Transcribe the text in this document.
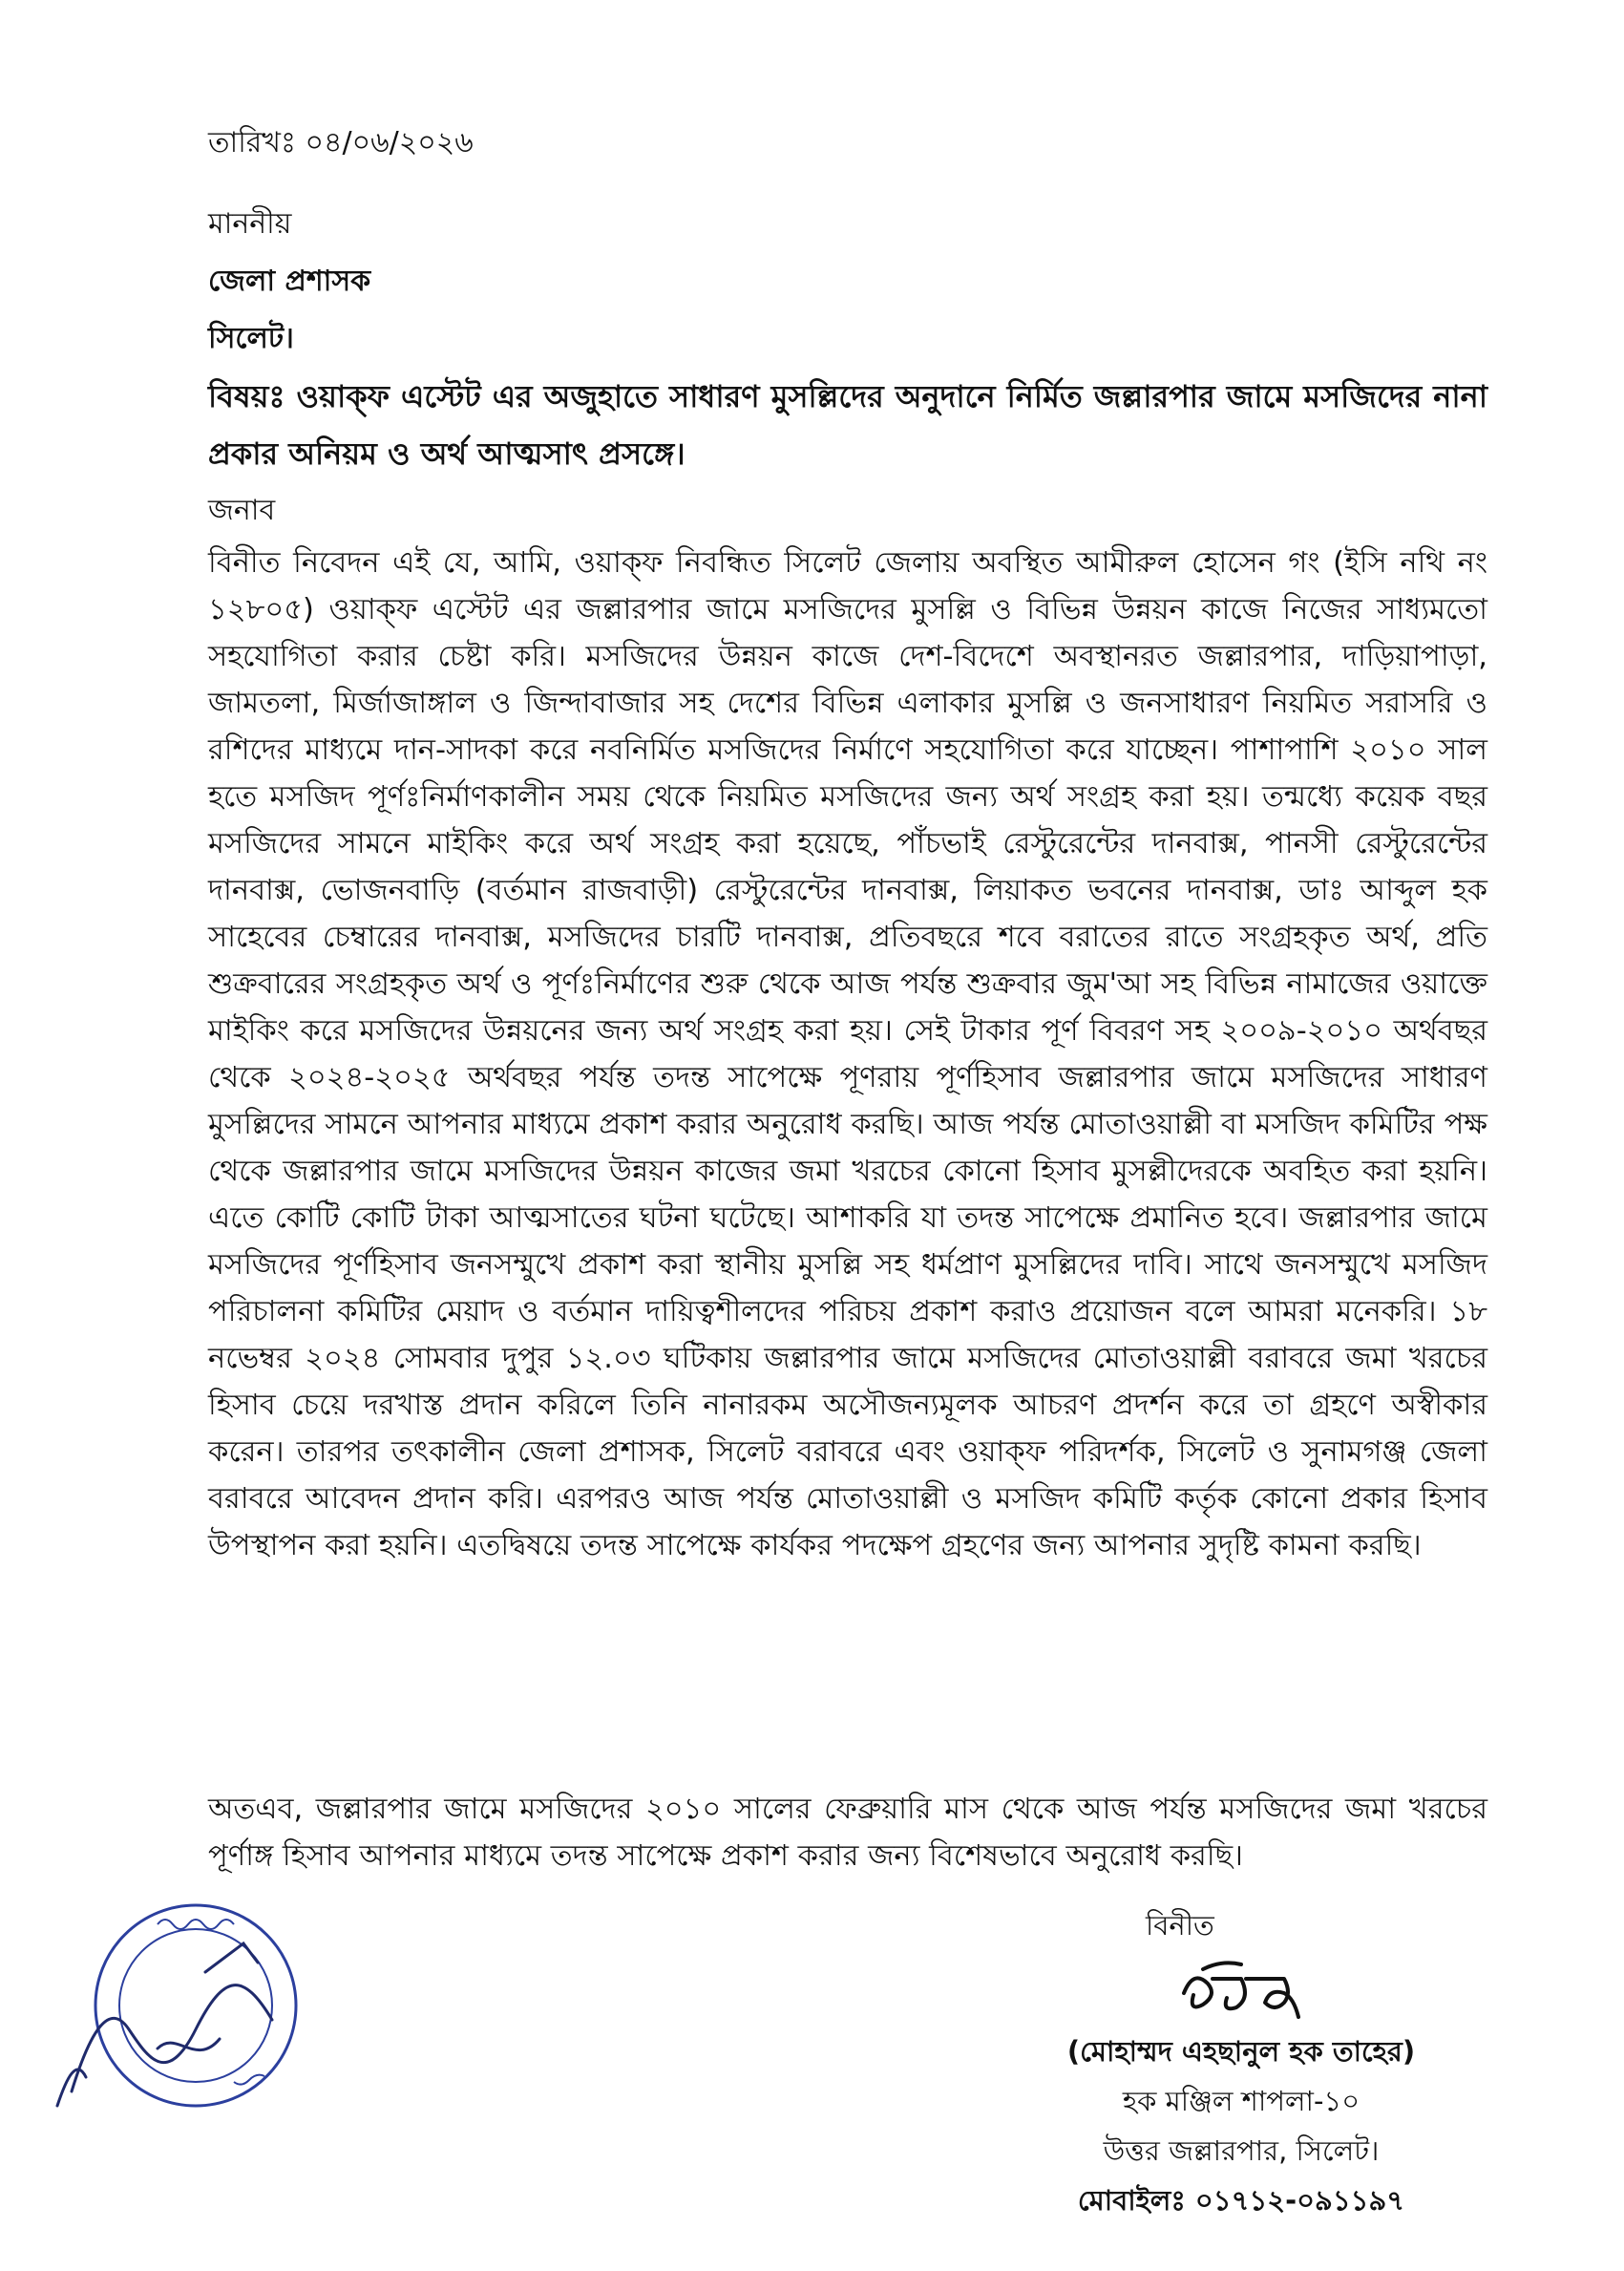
তারিখঃ ০৪/০৬/২০২৬
মাননীয়
জেলা প্রশাসক
সিলেট।
বিষয়ঃ ওয়াক্ফ এস্টেট এর অজুহাতে সাধারণ মুসল্লিদের অনুদানে নির্মিত জল্লারপার জামে মসজিদের নানা প্রকার অনিয়ম ও অর্থ আত্মসাৎ প্রসঙ্গে।
জনাব

বিনীত নিবেদন এই যে, আমি, ওয়াক্ফ নিবন্ধিত সিলেট জেলায় অবস্থিত আমীরুল হোসেন গং (ইসি নথি নং ১২৮০৫) ওয়াক্ফ এস্টেট এর জল্লারপার জামে মসজিদের মুসল্লি ও বিভিন্ন উন্নয়ন কাজে নিজের সাধ্যমতো সহযোগিতা করার চেষ্টা করি। মসজিদের উন্নয়ন কাজে দেশ-বিদেশে অবস্থানরত জল্লারপার, দাড়িয়াপাড়া, জামতলা, মির্জাজাঙ্গাল ও জিন্দাবাজার সহ দেশের বিভিন্ন এলাকার মুসল্লি ও জনসাধারণ নিয়মিত সরাসরি ও রশিদের মাধ্যমে দান-সাদকা করে নবনির্মিত মসজিদের নির্মাণে সহযোগিতা করে যাচ্ছেন। পাশাপাশি ২০১০ সাল হতে মসজিদ পূর্ণঃনির্মাণকালীন সময় থেকে নিয়মিত মসজিদের জন্য অর্থ সংগ্রহ করা হয়। তন্মধ্যে কয়েক বছর মসজিদের সামনে মাইকিং করে অর্থ সংগ্রহ করা হয়েছে, পাঁচভাই রেস্টুরেন্টের দানবাক্স, পানসী রেস্টুরেন্টের দানবাক্স, ভোজনবাড়ি (বর্তমান রাজবাড়ী) রেস্টুরেন্টের দানবাক্স, লিয়াকত ভবনের দানবাক্স, ডাঃ আব্দুল হক সাহেবের চেম্বারের দানবাক্স, মসজিদের চারটি দানবাক্স, প্রতিবছরে শবে বরাতের রাতে সংগ্রহকৃত অর্থ, প্রতি শুক্রবারের সংগ্রহকৃত অর্থ ও পূর্ণঃনির্মাণের শুরু থেকে আজ পর্যন্ত শুক্রবার জুম'আ সহ বিভিন্ন নামাজের ওয়াক্তে মাইকিং করে মসজিদের উন্নয়নের জন্য অর্থ সংগ্রহ করা হয়। সেই টাকার পূর্ণ বিবরণ সহ ২০০৯-২০১০ অর্থবছর থেকে ২০২৪-২০২৫ অর্থবছর পর্যন্ত তদন্ত সাপেক্ষে পূণরায় পূর্ণহিসাব জল্লারপার জামে মসজিদের সাধারণ মুসল্লিদের সামনে আপনার মাধ্যমে প্রকাশ করার অনুরোধ করছি। আজ পর্যন্ত মোতাওয়াল্লী বা মসজিদ কমিটির পক্ষ থেকে জল্লারপার জামে মসজিদের উন্নয়ন কাজের জমা খরচের কোনো হিসাব মুসল্লীদেরকে অবহিত করা হয়নি। এতে কোটি কোটি টাকা আত্মসাতের ঘটনা ঘটেছে। আশাকরি যা তদন্ত সাপেক্ষে প্রমানিত হবে। জল্লারপার জামে মসজিদের পূর্ণহিসাব জনসম্মুখে প্রকাশ করা স্থানীয় মুসল্লি সহ ধর্মপ্রাণ মুসল্লিদের দাবি। সাথে জনসম্মুখে মসজিদ পরিচালনা কমিটির মেয়াদ ও বর্তমান দায়িত্বশীলদের পরিচয় প্রকাশ করাও প্রয়োজন বলে আমরা মনেকরি। ১৮ নভেম্বর ২০২৪ সোমবার দুপুর ১২.০৩ ঘটিকায় জল্লারপার জামে মসজিদের মোতাওয়াল্লী বরাবরে জমা খরচের হিসাব চেয়ে দরখাস্ত প্রদান করিলে তিনি নানারকম অসৌজন্যমূলক আচরণ প্রদর্শন করে তা গ্রহণে অস্বীকার করেন। তারপর তৎকালীন জেলা প্রশাসক, সিলেট বরাবরে এবং ওয়াক্ফ পরিদর্শক, সিলেট ও সুনামগঞ্জ জেলা বরাবরে আবেদন প্রদান করি। এরপরও আজ পর্যন্ত মোতাওয়াল্লী ও মসজিদ কমিটি কর্তৃক কোনো প্রকার হিসাব উপস্থাপন করা হয়নি। এতদ্বিষয়ে তদন্ত সাপেক্ষে কার্যকর পদক্ষেপ গ্রহণের জন্য আপনার সুদৃষ্টি কামনা করছি।

অতএব, জল্লারপার জামে মসজিদের ২০১০ সালের ফেব্রুয়ারি মাস থেকে আজ পর্যন্ত মসজিদের জমা খরচের পূর্ণাঙ্গ হিসাব আপনার মাধ্যমে তদন্ত সাপেক্ষে প্রকাশ করার জন্য বিশেষভাবে অনুরোধ করছি।

বিনীত
(মোহাম্মদ এহছানুল হক তাহের)
হক মঞ্জিল শাপলা-১০
উত্তর জল্লারপার, সিলেট।
মোবাইলঃ ০১৭১২-০৯১১৯৭
